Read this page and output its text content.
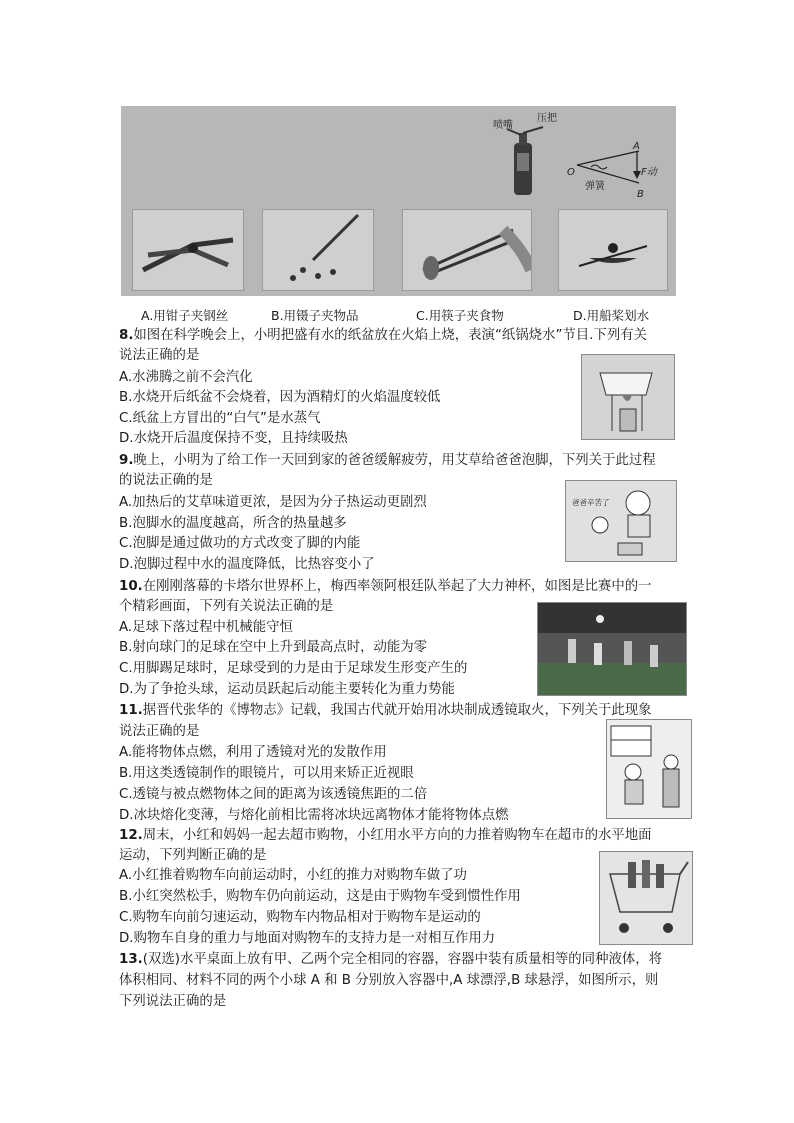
喷嘴
压把
O
A
F动
B
弹簧
A.用钳子夹钢丝	B.用镊子夹物品	C.用筷子夹食物	D.用船桨划水
8.如图在科学晚会上，小明把盛有水的纸盆放在火焰上烧，表演“纸锅烧水”节目.下列有关
说法正确的是
A.水沸腾之前不会汽化
B.水烧开后纸盆不会烧着，因为酒精灯的火焰温度较低
C.纸盆上方冒出的“白气”是水蒸气
D.水烧开后温度保持不变，且持续吸热
9.晚上，小明为了给工作一天回到家的爸爸缓解疲劳，用艾草给爸爸泡脚，下列关于此过程
的说法正确的是
A.加热后的艾草味道更浓，是因为分子热运动更剧烈
B.泡脚水的温度越高，所含的热量越多
C.泡脚是通过做功的方式改变了脚的内能
D.泡脚过程中水的温度降低，比热容变小了
爸爸辛苦了
10.在刚刚落幕的卡塔尔世界杯上，梅西率领阿根廷队举起了大力神杯，如图是比赛中的一
个精彩画面，下列有关说法正确的是
A.足球下落过程中机械能守恒
B.射向球门的足球在空中上升到最高点时，动能为零
C.用脚踢足球时，足球受到的力是由于足球发生形变产生的
D.为了争抢头球，运动员跃起后动能主要转化为重力势能
11.据晋代张华的《博物志》记载，我国古代就开始用冰块制成透镜取火，下列关于此现象
说法正确的是
A.能将物体点燃，利用了透镜对光的发散作用
B.用这类透镜制作的眼镜片，可以用来矫正近视眼
C.透镜与被点燃物体之间的距离为该透镜焦距的二倍
D.冰块熔化变薄，与熔化前相比需将冰块远离物体才能将物体点燃
12.周末，小红和妈妈一起去超市购物，小红用水平方向的力推着购物车在超市的水平地面
运动，下列判断正确的是
A.小红推着购物车向前运动时，小红的推力对购物车做了功
B.小红突然松手，购物车仍向前运动，这是由于购物车受到惯性作用
C.购物车向前匀速运动，购物车内物品相对于购物车是运动的
D.购物车自身的重力与地面对购物车的支持力是一对相互作用力
13.(双选)水平桌面上放有甲、乙两个完全相同的容器，容器中装有质量相等的同种液体，将
体积相同、材料不同的两个小球 A 和 B 分别放入容器中,A 球漂浮,B 球悬浮，如图所示，则
下列说法正确的是
